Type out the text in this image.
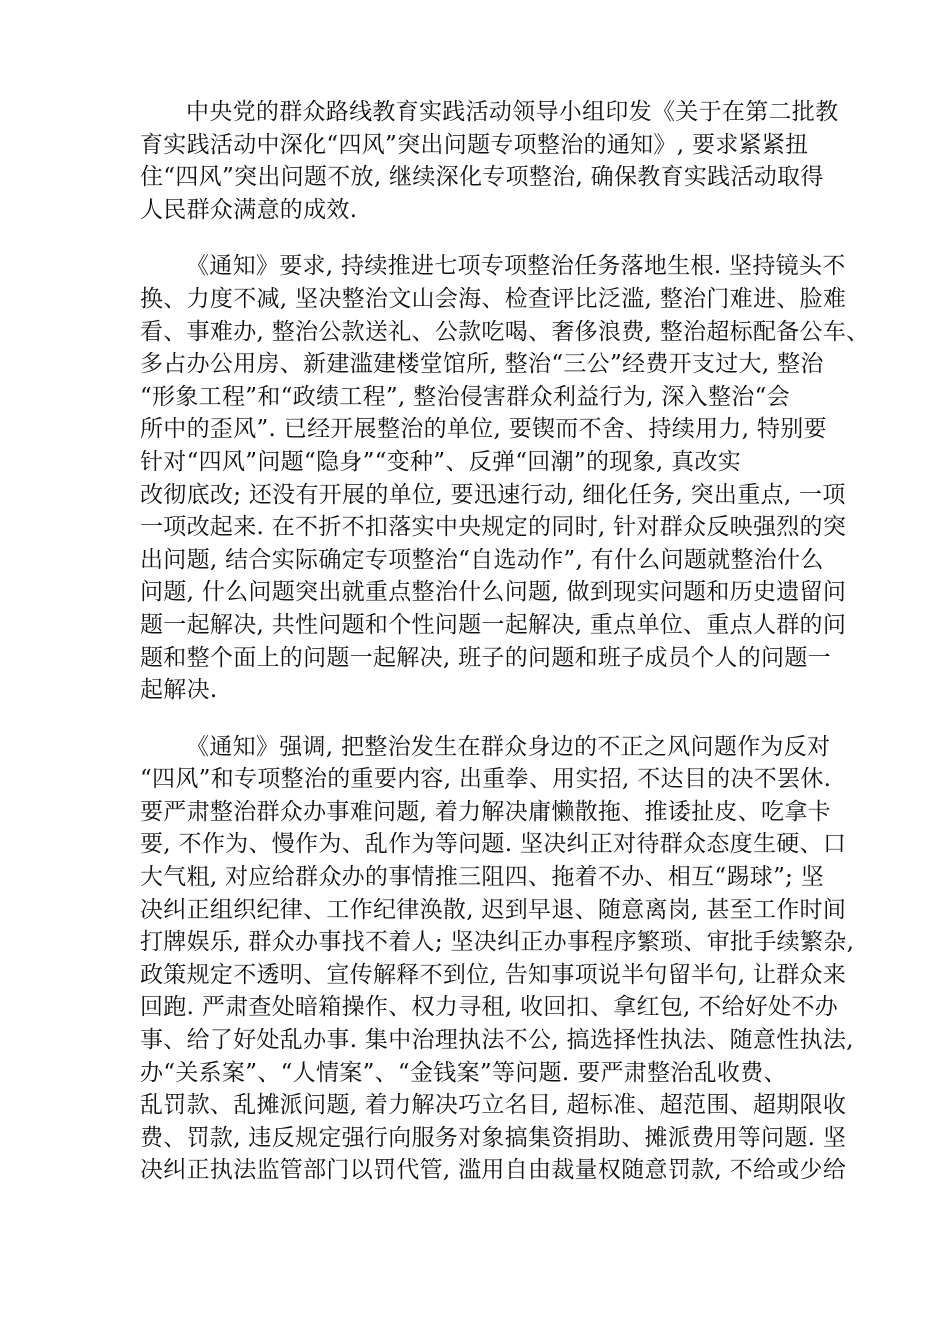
中央党的群众路线教育实践活动领导小组印发《关于在第二批教
育实践活动中深化“四风”突出问题专项整治的通知》, 要求紧紧扭
住“四风”突出问题不放, 继续深化专项整治, 确保教育实践活动取得
人民群众满意的成效.
《通知》要求, 持续推进七项专项整治任务落地生根. 坚持镜头不
换、力度不减, 坚决整治文山会海、检查评比泛滥, 整治门难进、脸难
看、事难办, 整治公款送礼、公款吃喝、奢侈浪费, 整治超标配备公车、
多占办公用房、新建滥建楼堂馆所, 整治“三公”经费开支过大, 整治
“形象工程”和“政绩工程”, 整治侵害群众利益行为, 深入整治“会
所中的歪风”. 已经开展整治的单位, 要锲而不舍、持续用力, 特别要
针对“四风”问题“隐身”“变种”、反弹“回潮”的现象, 真改实
改彻底改; 还没有开展的单位, 要迅速行动, 细化任务, 突出重点, 一项
一项改起来. 在不折不扣落实中央规定的同时, 针对群众反映强烈的突
出问题, 结合实际确定专项整治“自选动作”, 有什么问题就整治什么
问题, 什么问题突出就重点整治什么问题, 做到现实问题和历史遗留问
题一起解决, 共性问题和个性问题一起解决, 重点单位、重点人群的问
题和整个面上的问题一起解决, 班子的问题和班子成员个人的问题一
起解决.
《通知》强调, 把整治发生在群众身边的不正之风问题作为反对
“四风”和专项整治的重要内容, 出重拳、用实招, 不达目的决不罢休.
要严肃整治群众办事难问题, 着力解决庸懒散拖、推诿扯皮、吃拿卡
要, 不作为、慢作为、乱作为等问题. 坚决纠正对待群众态度生硬、口
大气粗, 对应给群众办的事情推三阻四、拖着不办、相互“踢球”; 坚
决纠正组织纪律、工作纪律涣散, 迟到早退、随意离岗, 甚至工作时间
打牌娱乐, 群众办事找不着人; 坚决纠正办事程序繁琐、审批手续繁杂,
政策规定不透明、宣传解释不到位, 告知事项说半句留半句, 让群众来
回跑. 严肃查处暗箱操作、权力寻租, 收回扣、拿红包, 不给好处不办
事、给了好处乱办事. 集中治理执法不公, 搞选择性执法、随意性执法,
办“关系案”、“人情案”、“金钱案”等问题. 要严肃整治乱收费、
乱罚款、乱摊派问题, 着力解决巧立名目, 超标准、超范围、超期限收
费、罚款, 违反规定强行向服务对象搞集资捐助、摊派费用等问题. 坚
决纠正执法监管部门以罚代管, 滥用自由裁量权随意罚款, 不给或少给
